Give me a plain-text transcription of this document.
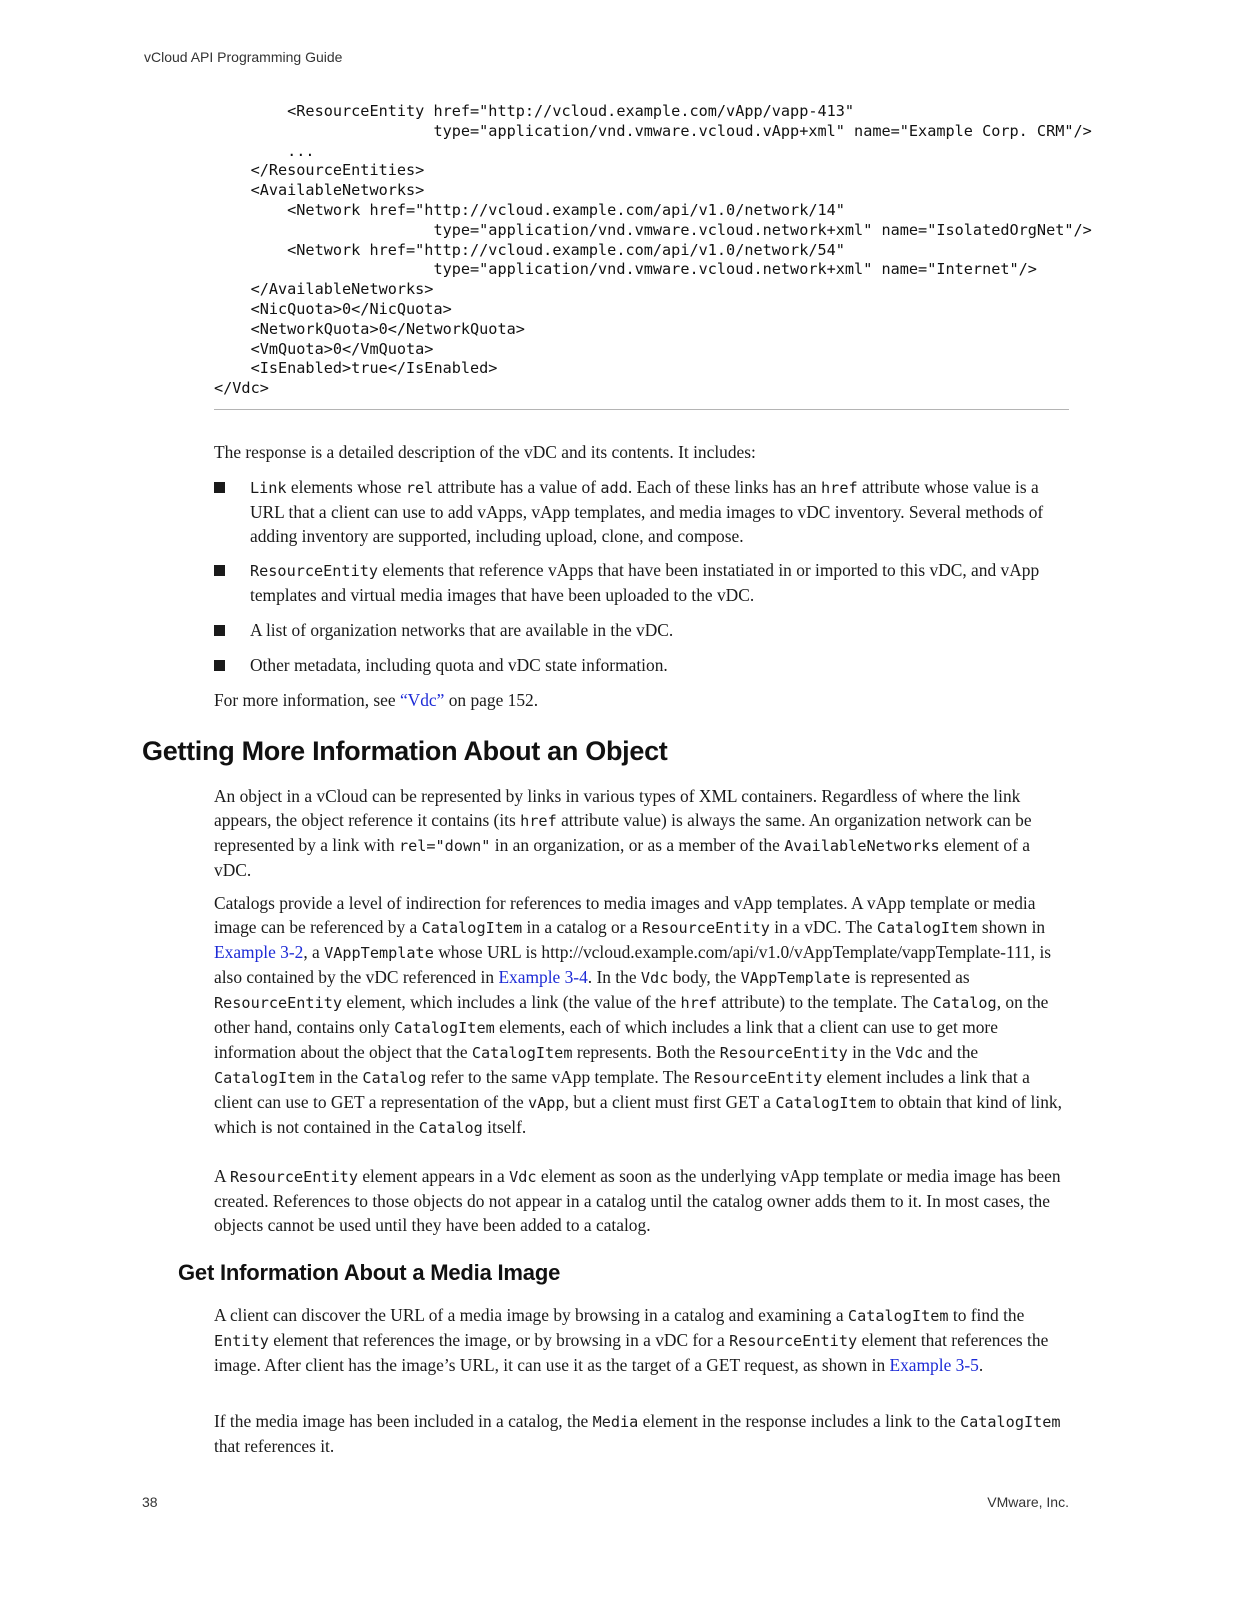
vCloud API Programming Guide
<ResourceEntity href="http://vcloud.example.com/vApp/vapp-413"
type="application/vnd.vmware.vcloud.vApp+xml" name="Example Corp. CRM"/>
...
</ResourceEntities>
<AvailableNetworks>
<Network href="http://vcloud.example.com/api/v1.0/network/14"
type="application/vnd.vmware.vcloud.network+xml" name="IsolatedOrgNet"/>
<Network href="http://vcloud.example.com/api/v1.0/network/54"
type="application/vnd.vmware.vcloud.network+xml" name="Internet"/>
</AvailableNetworks>
<NicQuota>0</NicQuota>
<NetworkQuota>0</NetworkQuota>
<VmQuota>0</VmQuota>
<IsEnabled>true</IsEnabled>
</Vdc>

The response is a detailed description of the vDC and its contents. It includes:

Link elements whose rel attribute has a value of add. Each of these links has an href attribute whose value is a URL that a client can use to add vApps, vApp templates, and media images to vDC inventory. Several methods of adding inventory are supported, including upload, clone, and compose.
ResourceEntity elements that reference vApps that have been instatiated in or imported to this vDC, and vApp templates and virtual media images that have been uploaded to the vDC.
A list of organization networks that are available in the vDC.
Other metadata, including quota and vDC state information.

For more information, see “Vdc” on page 152.

Getting More Information About an Object

An object in a vCloud can be represented by links in various types of XML containers. Regardless of where the link appears, the object reference it contains (its href attribute value) is always the same. An organization network can be represented by a link with rel="down" in an organization, or as a member of the AvailableNetworks element of a vDC.

Catalogs provide a level of indirection for references to media images and vApp templates. A vApp template or media image can be referenced by a CatalogItem in a catalog or a ResourceEntity in a vDC. The CatalogItem shown in Example 3-2, a VAppTemplate whose URL is http://vcloud.example.com/api/v1.0/vAppTemplate/vappTemplate-111, is also contained by the vDC referenced in Example 3-4. In the Vdc body, the VAppTemplate is represented as ResourceEntity element, which includes a link (the value of the href attribute) to the template. The Catalog, on the other hand, contains only CatalogItem elements, each of which includes a link that a client can use to get more information about the object that the CatalogItem represents. Both the ResourceEntity in the Vdc and the CatalogItem in the Catalog refer to the same vApp template. The ResourceEntity element includes a link that a client can use to GET a representation of the vApp, but a client must first GET a CatalogItem to obtain that kind of link, which is not contained in the Catalog itself.

A ResourceEntity element appears in a Vdc element as soon as the underlying vApp template or media image has been created. References to those objects do not appear in a catalog until the catalog owner adds them to it. In most cases, the objects cannot be used until they have been added to a catalog.

Get Information About a Media Image

A client can discover the URL of a media image by browsing in a catalog and examining a CatalogItem to find the Entity element that references the image, or by browsing in a vDC for a ResourceEntity element that references the image. After client has the image’s URL, it can use it as the target of a GET request, as shown in Example 3-5.

If the media image has been included in a catalog, the Media element in the response includes a link to the CatalogItem that references it.

38	VMware, Inc.
